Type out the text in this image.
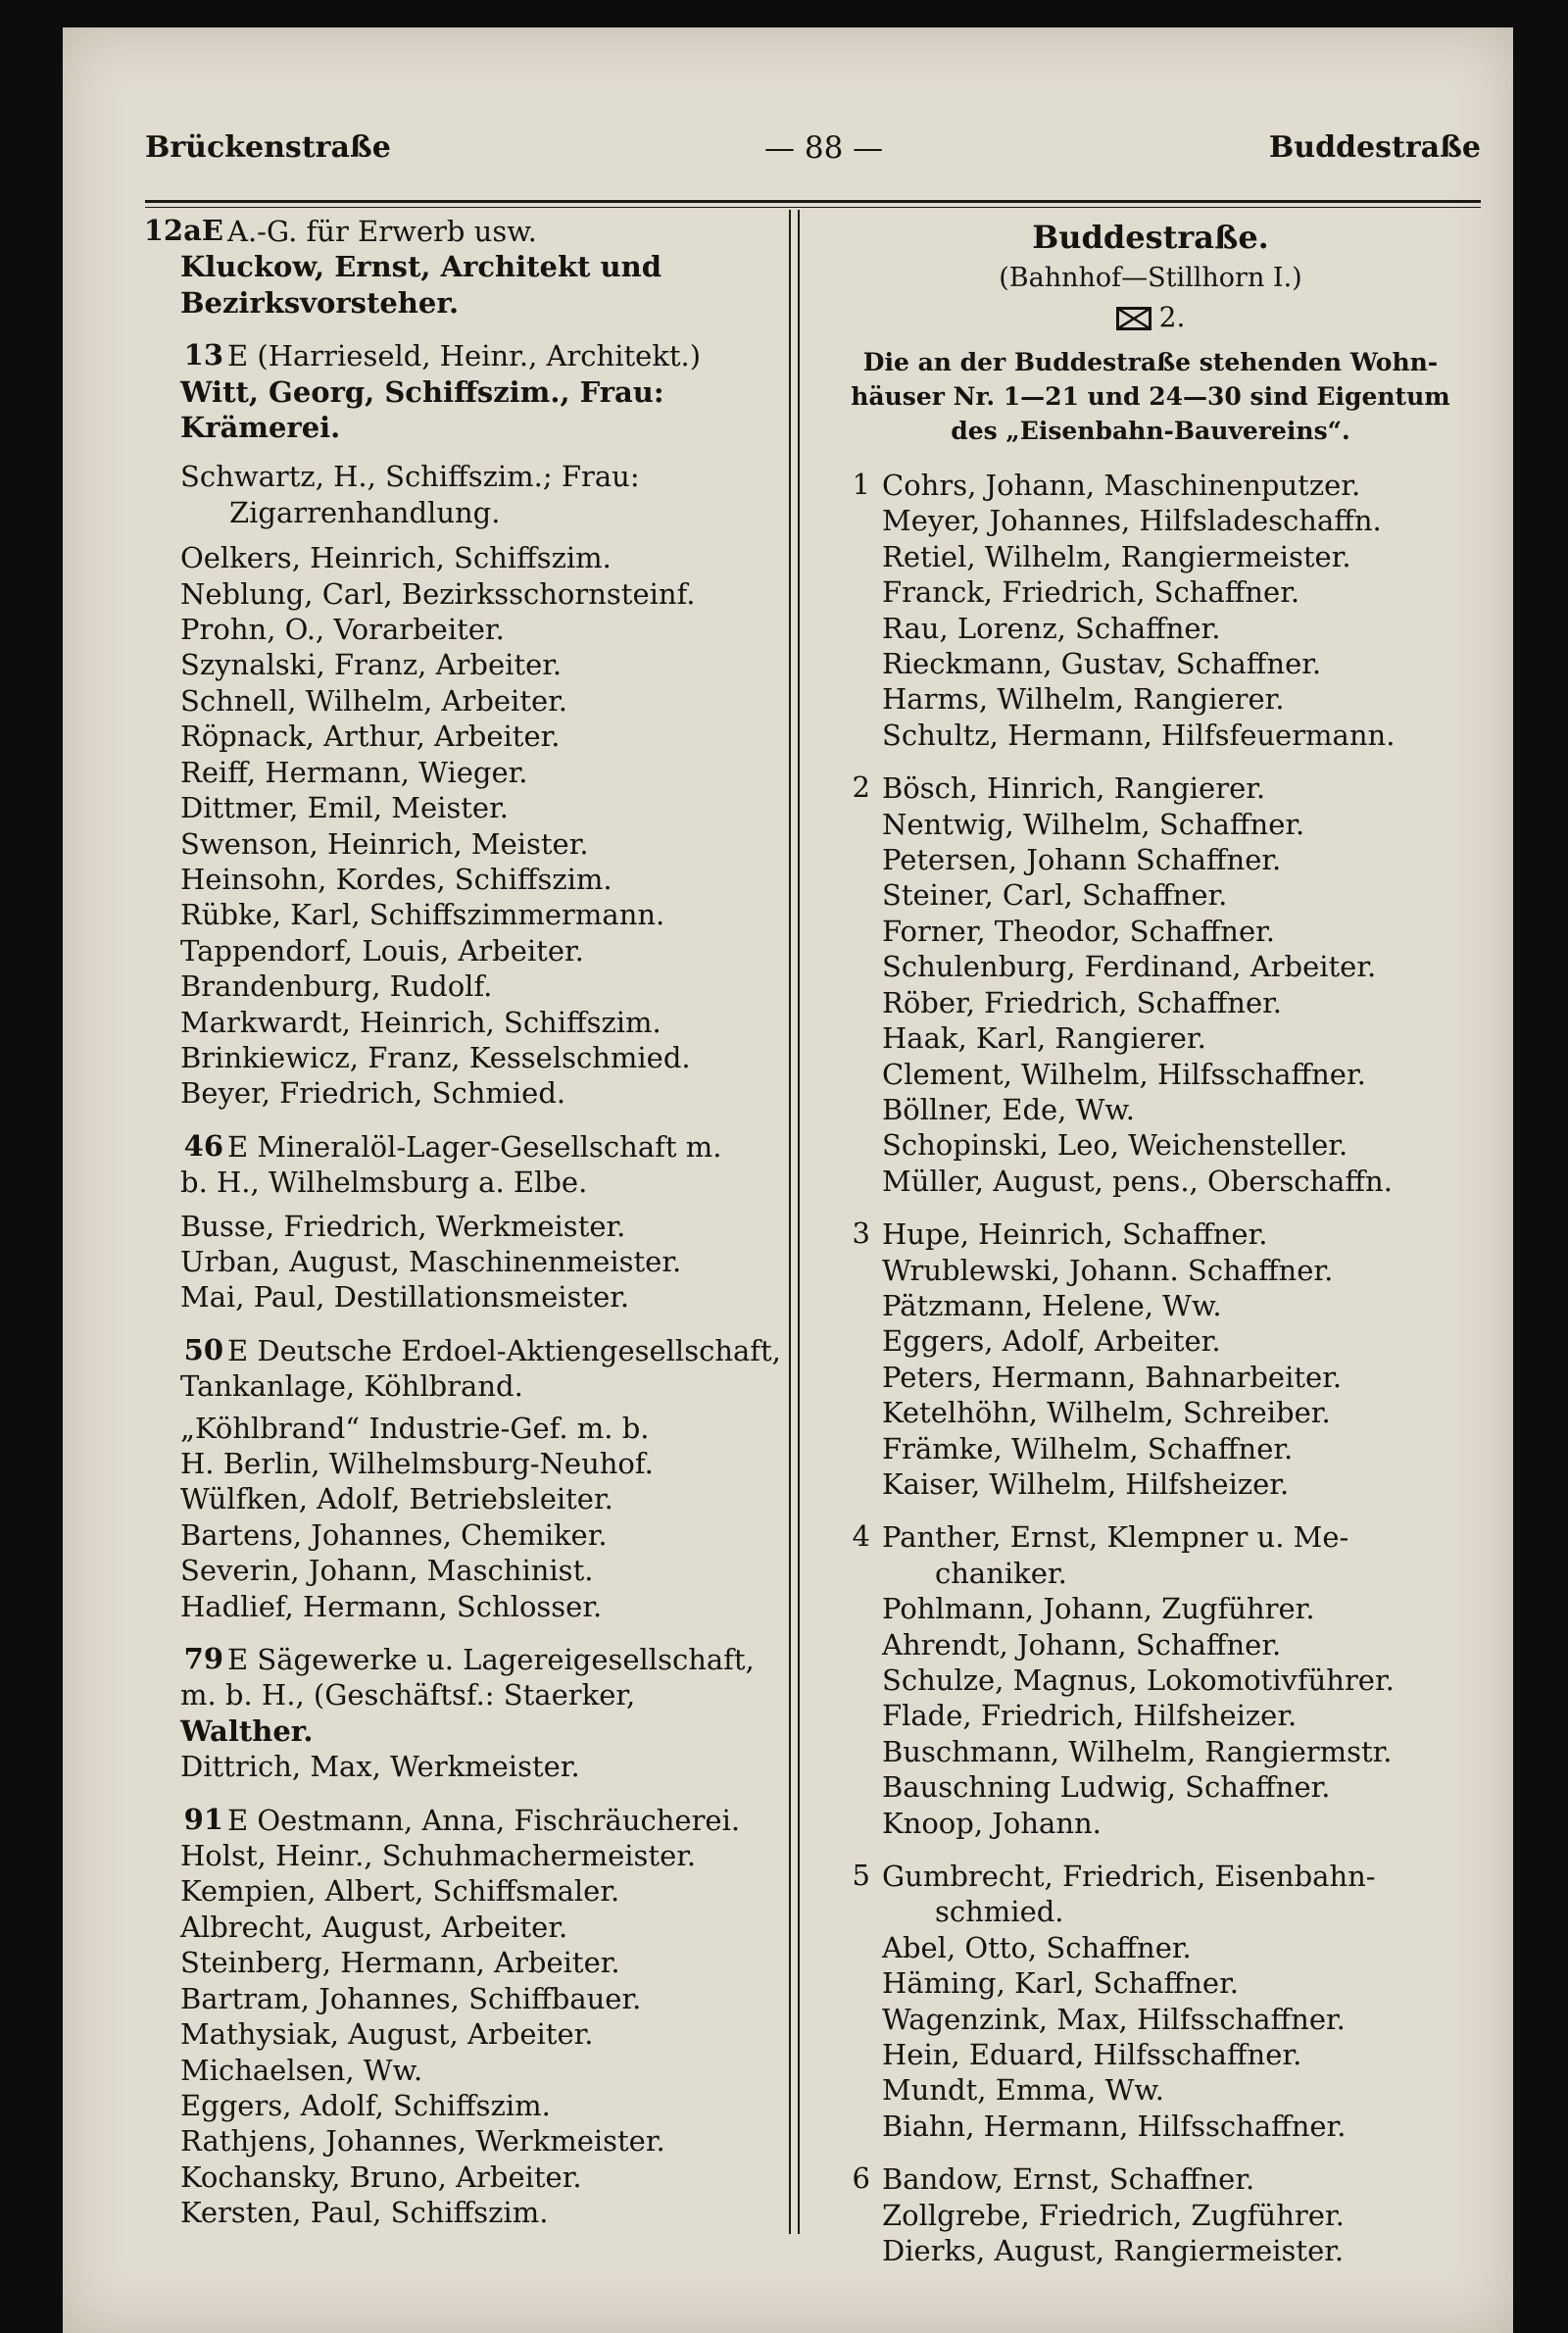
Brückenstraße	— 88 —	Buddestraße
12aE A.-G. für Erwerb usw.
Kluckow, Ernst, Architekt und
Bezirksvorsteher.
13 E (Harrieseld, Heinr., Architekt.)
Witt, Georg, Schiffszim., Frau:
Krämerei.
Schwartz, H., Schiffszim.; Frau:
Zigarrenhandlung.
Oelkers, Heinrich, Schiffszim.
Neblung, Carl, Bezirksschornsteinf.
Prohn, O., Vorarbeiter.
Szynalski, Franz, Arbeiter.
Schnell, Wilhelm, Arbeiter.
Röpnack, Arthur, Arbeiter.
Reiff, Hermann, Wieger.
Dittmer, Emil, Meister.
Swenson, Heinrich, Meister.
Heinsohn, Kordes, Schiffszim.
Rübke, Karl, Schiffszimmermann.
Tappendorf, Louis, Arbeiter.
Brandenburg, Rudolf.
Markwardt, Heinrich, Schiffszim.
Brinkiewicz, Franz, Kesselschmied.
Beyer, Friedrich, Schmied.
46 E Mineralöl-Lager-Gesellschaft m.
b. H., Wilhelmsburg a. Elbe.
Busse, Friedrich, Werkmeister.
Urban, August, Maschinenmeister.
Mai, Paul, Destillationsmeister.
50 E Deutsche Erdoel-Aktiengesellschaft,
Tankanlage, Köhlbrand.
„Köhlbrand“ Industrie-Gef. m. b.
H. Berlin, Wilhelmsburg-Neuhof.
Wülfken, Adolf, Betriebsleiter.
Bartens, Johannes, Chemiker.
Severin, Johann, Maschinist.
Hadlief, Hermann, Schlosser.
79 E Sägewerke u. Lagereigesellschaft,
m. b. H., (Geschäftsf.: Staerker,
Walther.
Dittrich, Max, Werkmeister.
91 E Oestmann, Anna, Fischräucherei.
Holst, Heinr., Schuhmachermeister.
Kempien, Albert, Schiffsmaler.
Albrecht, August, Arbeiter.
Steinberg, Hermann, Arbeiter.
Bartram, Johannes, Schiffbauer.
Mathysiak, August, Arbeiter.
Michaelsen, Ww.
Eggers, Adolf, Schiffszim.
Rathjens, Johannes, Werkmeister.
Kochansky, Bruno, Arbeiter.
Kersten, Paul, Schiffszim.
Buddestraße.
(Bahnhof—Stillhorn I.)
2.
Die an der Buddestraße stehenden Wohn-
häuser Nr. 1—21 und 24—30 sind Eigentum
des „Eisenbahn-Bauvereins“.
1 Cohrs, Johann, Maschinenputzer.
Meyer, Johannes, Hilfsladeschaffn.
Retiel, Wilhelm, Rangiermeister.
Franck, Friedrich, Schaffner.
Rau, Lorenz, Schaffner.
Rieckmann, Gustav, Schaffner.
Harms, Wilhelm, Rangierer.
Schultz, Hermann, Hilfsfeuermann.
2 Bösch, Hinrich, Rangierer.
Nentwig, Wilhelm, Schaffner.
Petersen, Johann Schaffner.
Steiner, Carl, Schaffner.
Forner, Theodor, Schaffner.
Schulenburg, Ferdinand, Arbeiter.
Röber, Friedrich, Schaffner.
Haak, Karl, Rangierer.
Clement, Wilhelm, Hilfsschaffner.
Böllner, Ede, Ww.
Schopinski, Leo, Weichensteller.
Müller, August, pens., Oberschaffn.
3 Hupe, Heinrich, Schaffner.
Wrublewski, Johann. Schaffner.
Pätzmann, Helene, Ww.
Eggers, Adolf, Arbeiter.
Peters, Hermann, Bahnarbeiter.
Ketelhöhn, Wilhelm, Schreiber.
Främke, Wilhelm, Schaffner.
Kaiser, Wilhelm, Hilfsheizer.
4 Panther, Ernst, Klempner u. Me-
chaniker.
Pohlmann, Johann, Zugführer.
Ahrendt, Johann, Schaffner.
Schulze, Magnus, Lokomotivführer.
Flade, Friedrich, Hilfsheizer.
Buschmann, Wilhelm, Rangiermstr.
Bauschning Ludwig, Schaffner.
Knoop, Johann.
5 Gumbrecht, Friedrich, Eisenbahn-
schmied.
Abel, Otto, Schaffner.
Häming, Karl, Schaffner.
Wagenzink, Max, Hilfsschaffner.
Hein, Eduard, Hilfsschaffner.
Mundt, Emma, Ww.
Biahn, Hermann, Hilfsschaffner.
6 Bandow, Ernst, Schaffner.
Zollgrebe, Friedrich, Zugführer.
Dierks, August, Rangiermeister.
